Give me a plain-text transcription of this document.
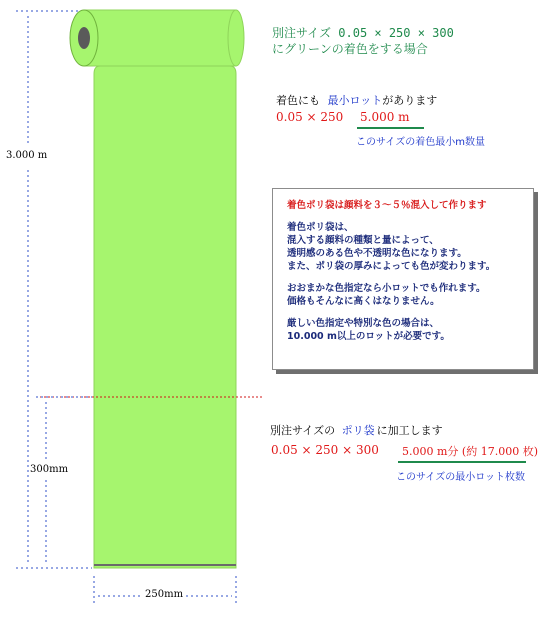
3.000 m
300mm
250mm
別注サイズ 0.05 × 250 × 300
にグリーンの着色をする場合
着色にも 最小ロットがあります
0.05 × 250 5.000 m
このサイズの着色最小m数量
着色ポリ袋は顔料を３～５％混入して作ります

着色ポリ袋は、
混入する顔料の種類と量によって、
透明感のある色や不透明な色になります。
また、ポリ袋の厚みによっても色が変わります。

おおまかな色指定なら小ロットでも作れます。
価格もそんなに高くはなりません。

厳しい色指定や特別な色の場合は、
10.000 m以上のロットが必要です。

別注サイズの ポリ袋 に加工します
0.05 × 250 × 300 5.000 m分 (約 17.000 枚)
このサイズの最小ロット枚数
